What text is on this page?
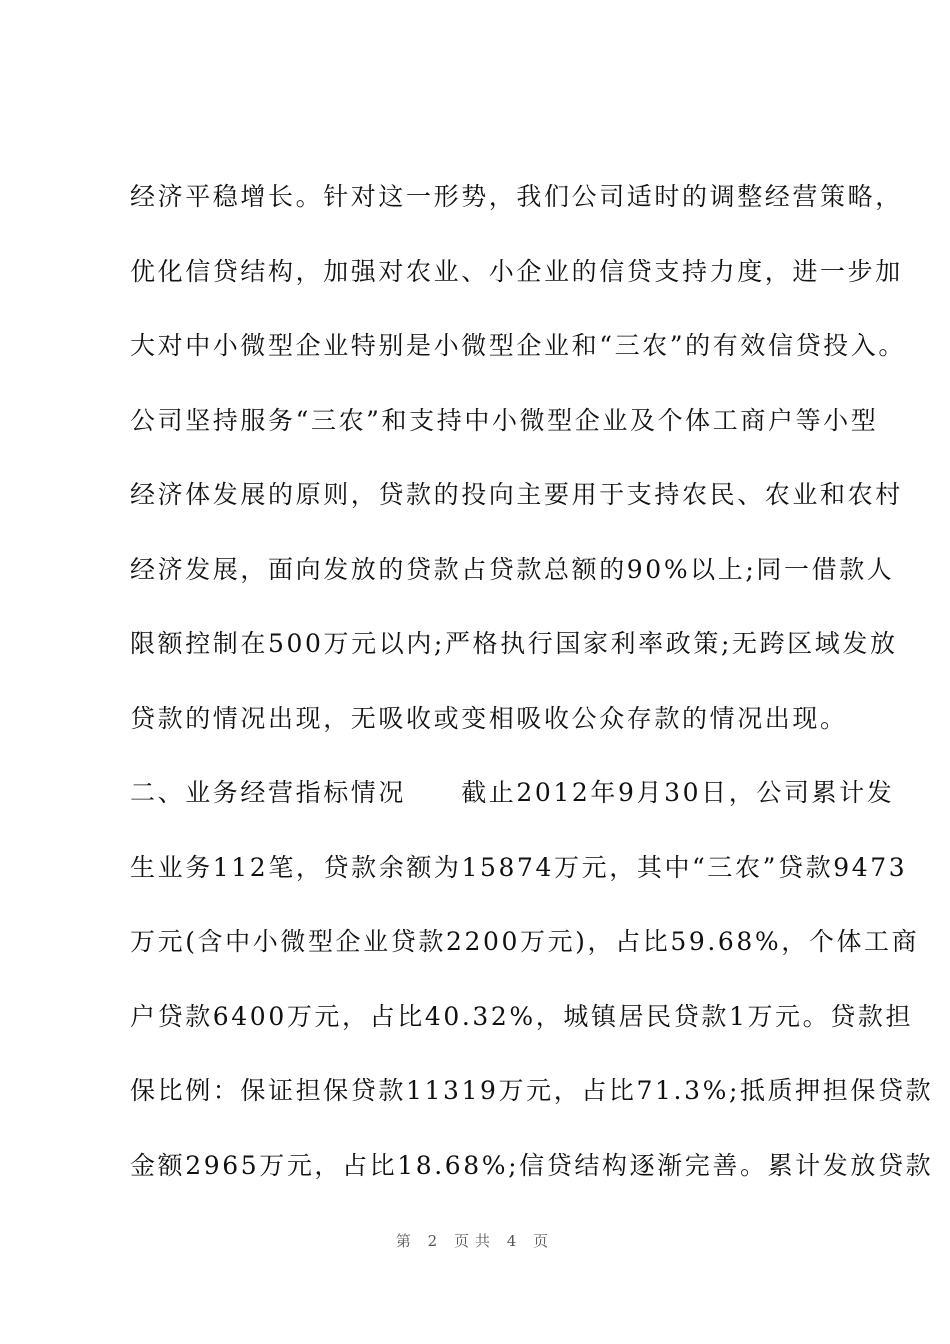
经济平稳增长。针对这一形势，我们公司适时的调整经营策略，
优化信贷结构，加强对农业、小企业的信贷支持力度，进一步加
大对中小微型企业特别是小微型企业和“三农”的有效信贷投入。
公司坚持服务“三农”和支持中小微型企业及个体工商户等小型
经济体发展的原则，贷款的投向主要用于支持农民、农业和农村
经济发展，面向发放的贷款占贷款总额的90%以上;同一借款人
限额控制在500万元以内;严格执行国家利率政策;无跨区域发放
贷款的情况出现，无吸收或变相吸收公众存款的情况出现。
二、业务经营指标情况　　截止2012年9月30日，公司累计发
生业务112笔，贷款余额为15874万元，其中“三农”贷款9473
万元(含中小微型企业贷款2200万元)，占比59.68%，个体工商
户贷款6400万元，占比40.32%，城镇居民贷款1万元。贷款担
保比例：保证担保贷款11319万元，占比71.3%;抵质押担保贷款
金额2965万元，占比18.68%;信贷结构逐渐完善。累计发放贷款
第 2 页共 4 页
